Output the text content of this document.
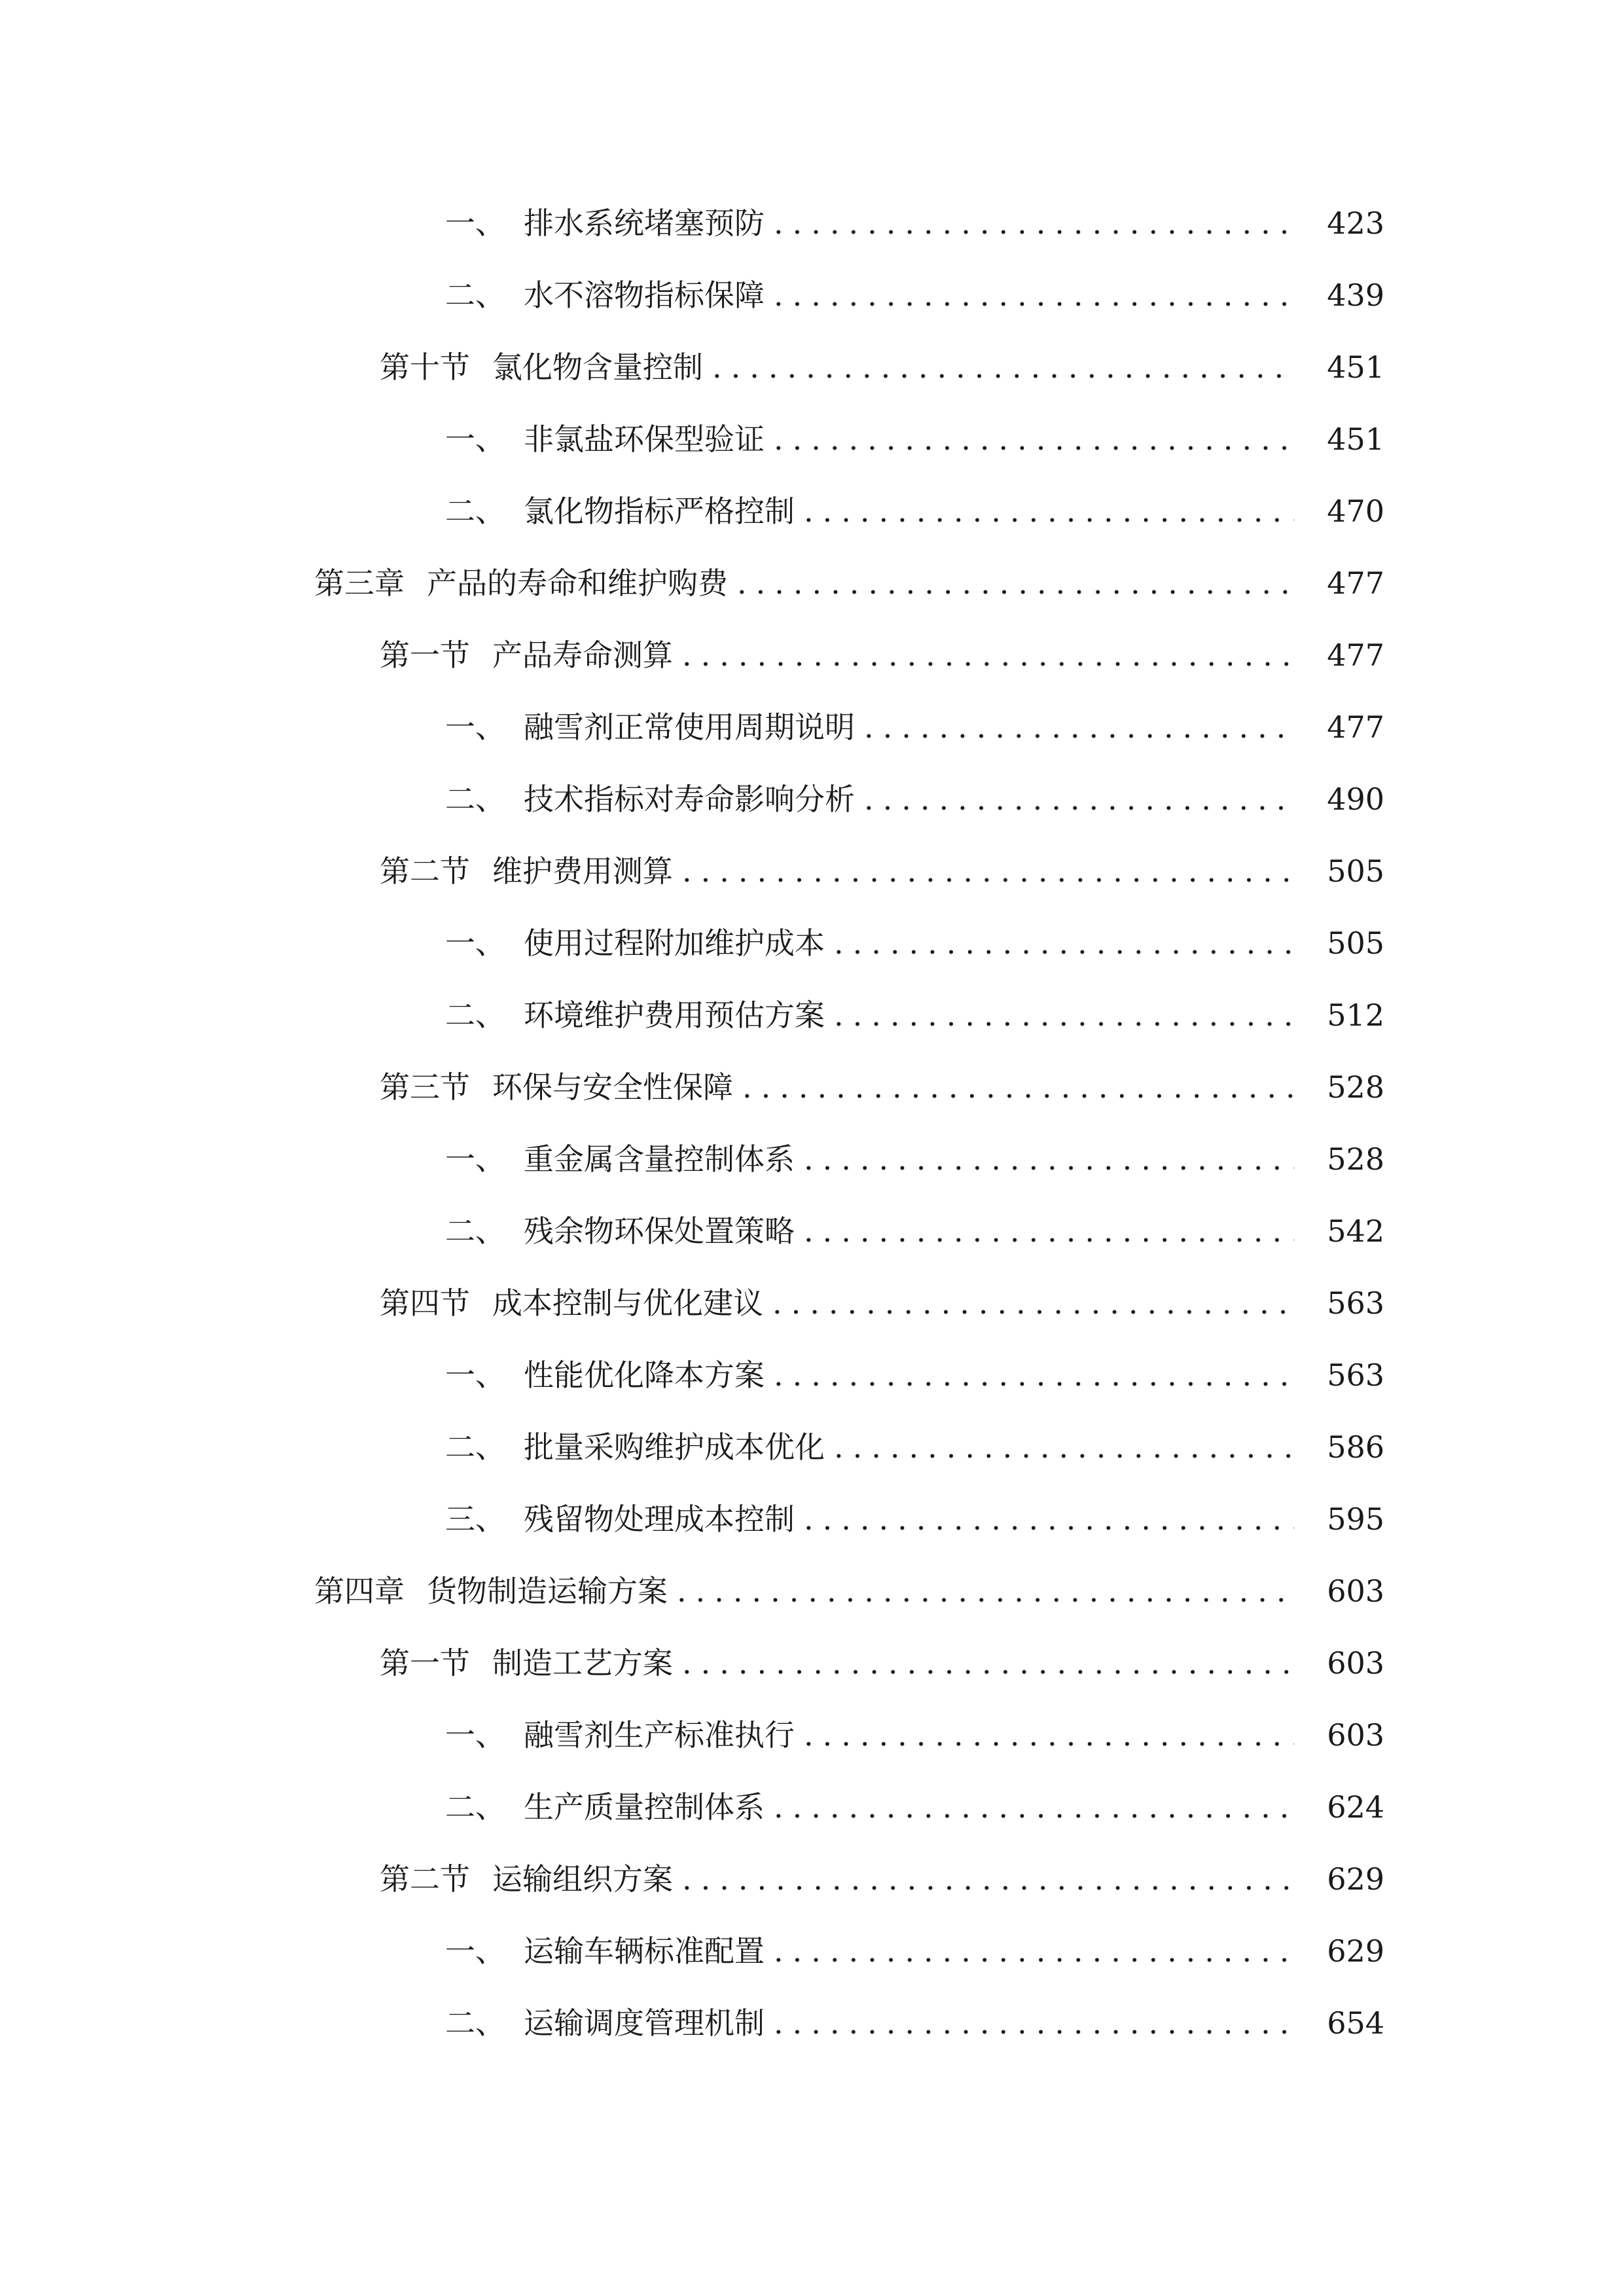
一、 排水系统堵塞预防 .....	423
二、 水不溶物指标保障 .....	439
第十节 氯化物含量控制 .....	451
一、 非氯盐环保型验证 .....	451
二、 氯化物指标严格控制 .....	470
第三章 产品的寿命和维护购费 .....	477
第一节 产品寿命测算 .....	477
一、 融雪剂正常使用周期说明 .....	477
二、 技术指标对寿命影响分析 .....	490
第二节 维护费用测算 .....	505
一、 使用过程附加维护成本 .....	505
二、 环境维护费用预估方案 .....	512
第三节 环保与安全性保障 .....	528
一、 重金属含量控制体系 .....	528
二、 残余物环保处置策略 .....	542
第四节 成本控制与优化建议 .....	563
一、 性能优化降本方案 .....	563
二、 批量采购维护成本优化 .....	586
三、 残留物处理成本控制 .....	595
第四章 货物制造运输方案 .....	603
第一节 制造工艺方案 .....	603
一、 融雪剂生产标准执行 .....	603
二、 生产质量控制体系 .....	624
第二节 运输组织方案 .....	629
一、 运输车辆标准配置 .....	629
二、 运输调度管理机制 .....	654
